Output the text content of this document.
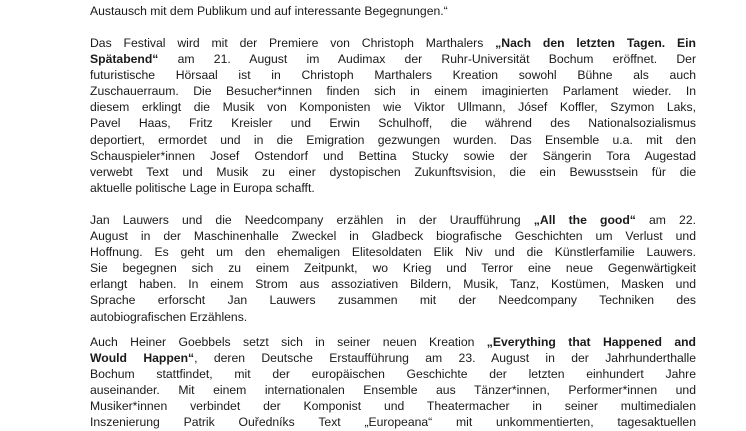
Austausch mit dem Publikum und auf interessante Begegnungen.“
Das Festival wird mit der Premiere von Christoph Marthalers „Nach den letzten Tagen. Ein
Spätabend“ am 21. August im Audimax der Ruhr-Universität Bochum eröffnet. Der
futuristische Hörsaal ist in Christoph Marthalers Kreation sowohl Bühne als auch
Zuschauerraum. Die Besucher*innen finden sich in einem imaginierten Parlament wieder. In
diesem erklingt die Musik von Komponisten wie Viktor Ullmann, Jósef Koffler, Szymon Laks,
Pavel Haas, Fritz Kreisler und Erwin Schulhoff, die während des Nationalsozialismus
deportiert, ermordet und in die Emigration gezwungen wurden. Das Ensemble u.a. mit den
Schauspieler*innen Josef Ostendorf und Bettina Stucky sowie der Sängerin Tora Augestad
verwebt Text und Musik zu einer dystopischen Zukunftsvision, die ein Bewusstsein für die
aktuelle politische Lage in Europa schafft.
Jan Lauwers und die Needcompany erzählen in der Uraufführung „All the good“ am 22.
August in der Maschinenhalle Zweckel in Gladbeck biografische Geschichten um Verlust und
Hoffnung. Es geht um den ehemaligen Elitesoldaten Elik Niv und die Künstlerfamilie Lauwers.
Sie begegnen sich zu einem Zeitpunkt, wo Krieg und Terror eine neue Gegenwärtigkeit
erlangt haben. In einem Strom aus assoziativen Bildern, Musik, Tanz, Kostümen, Masken und
Sprache erforscht Jan Lauwers zusammen mit der Needcompany Techniken des
autobiografischen Erzählens.
Auch Heiner Goebbels setzt sich in seiner neuen Kreation „Everything that Happened and
Would Happen“, deren Deutsche Erstaufführung am 23. August in der Jahrhunderthalle
Bochum stattfindet, mit der europäischen Geschichte der letzten einhundert Jahre
auseinander. Mit einem internationalen Ensemble aus Tänzer*innen, Performer*innen und
Musiker*innen verbindet der Komponist und Theatermacher in seiner multimedialen
Inszenierung Patrik Ouředníks Text „Europeana“ mit unkommentierten, tagesaktuellen
